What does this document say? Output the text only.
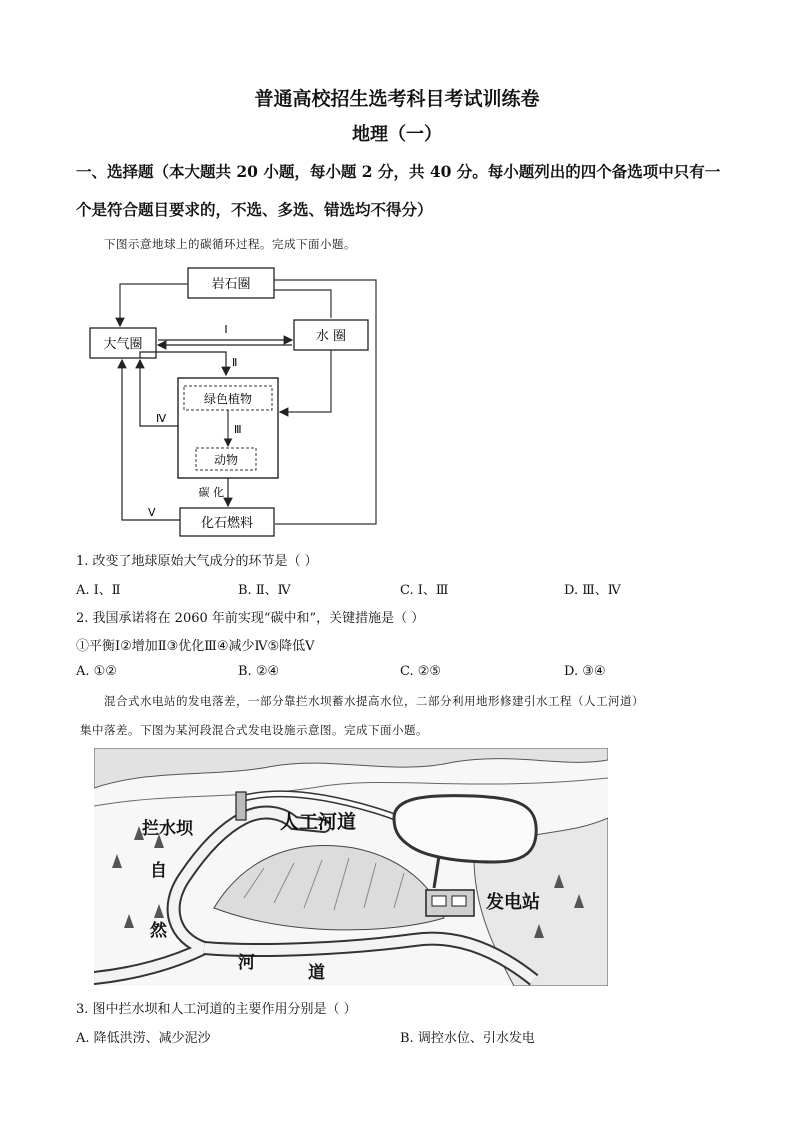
普通高校招生选考科目考试训练卷
地理（一）
一、选择题（本大题共 20 小题，每小题 2 分，共 40 分。每小题列出的四个备选项中只有一
个是符合题目要求的，不选、多选、错选均不得分）
下图示意地球上的碳循环过程。完成下面小题。
岩石圈
大气圈
水 圈
Ⅰ
Ⅱ
绿色植物
Ⅲ
动物
Ⅳ
碳 化
化石燃料
Ⅴ
1. 改变了地球原始大气成分的环节是（ ）
A. Ⅰ、Ⅱ	B. Ⅱ、Ⅳ	C. Ⅰ、Ⅲ	D. Ⅲ、Ⅳ
2. 我国承诺将在 2060 年前实现“碳中和”，关键措施是（ ）
①平衡Ⅰ②增加Ⅱ③优化Ⅲ④减少Ⅳ⑤降低Ⅴ
A. ①②	B. ②④	C. ②⑤	D. ③④
混合式水电站的发电落差，一部分靠拦水坝蓄水提高水位，二部分利用地形修建引水工程（人工河道）
集中落差。下图为某河段混合式发电设施示意图。完成下面小题。
人工河道
拦水坝
发电站
自
然
河	道
3. 图中拦水坝和人工河道的主要作用分别是（ ）
A. 降低洪涝、减少泥沙	B. 调控水位、引水发电
